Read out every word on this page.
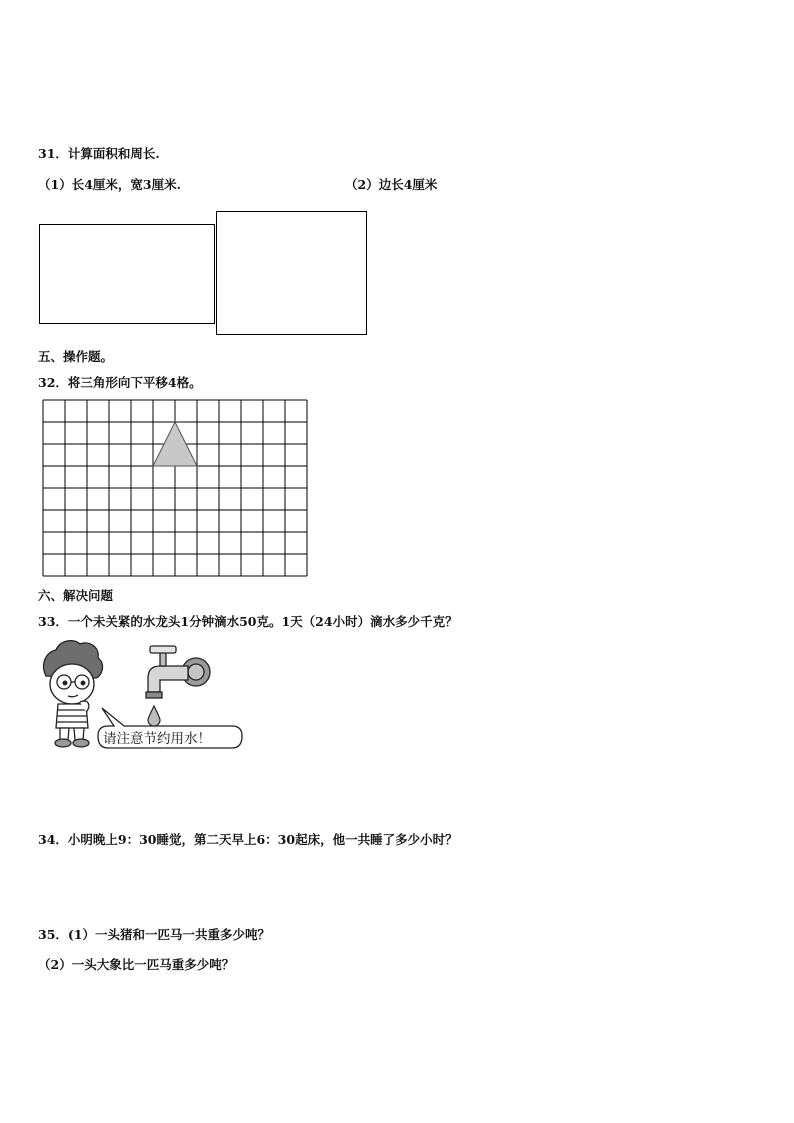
31．计算面积和周长.
（1）长4厘米，宽3厘米.	（2）边长4厘米
五、操作题。
32．将三角形向下平移4格。
六、解决问题
33．一个未关紧的水龙头1分钟滴水50克。1天（24小时）滴水多少千克？
请注意节约用水！
34．小明晚上9：30睡觉，第二天早上6：30起床，他一共睡了多少小时？
35．(1）一头猪和一匹马一共重多少吨？
（2）一头大象比一匹马重多少吨？
